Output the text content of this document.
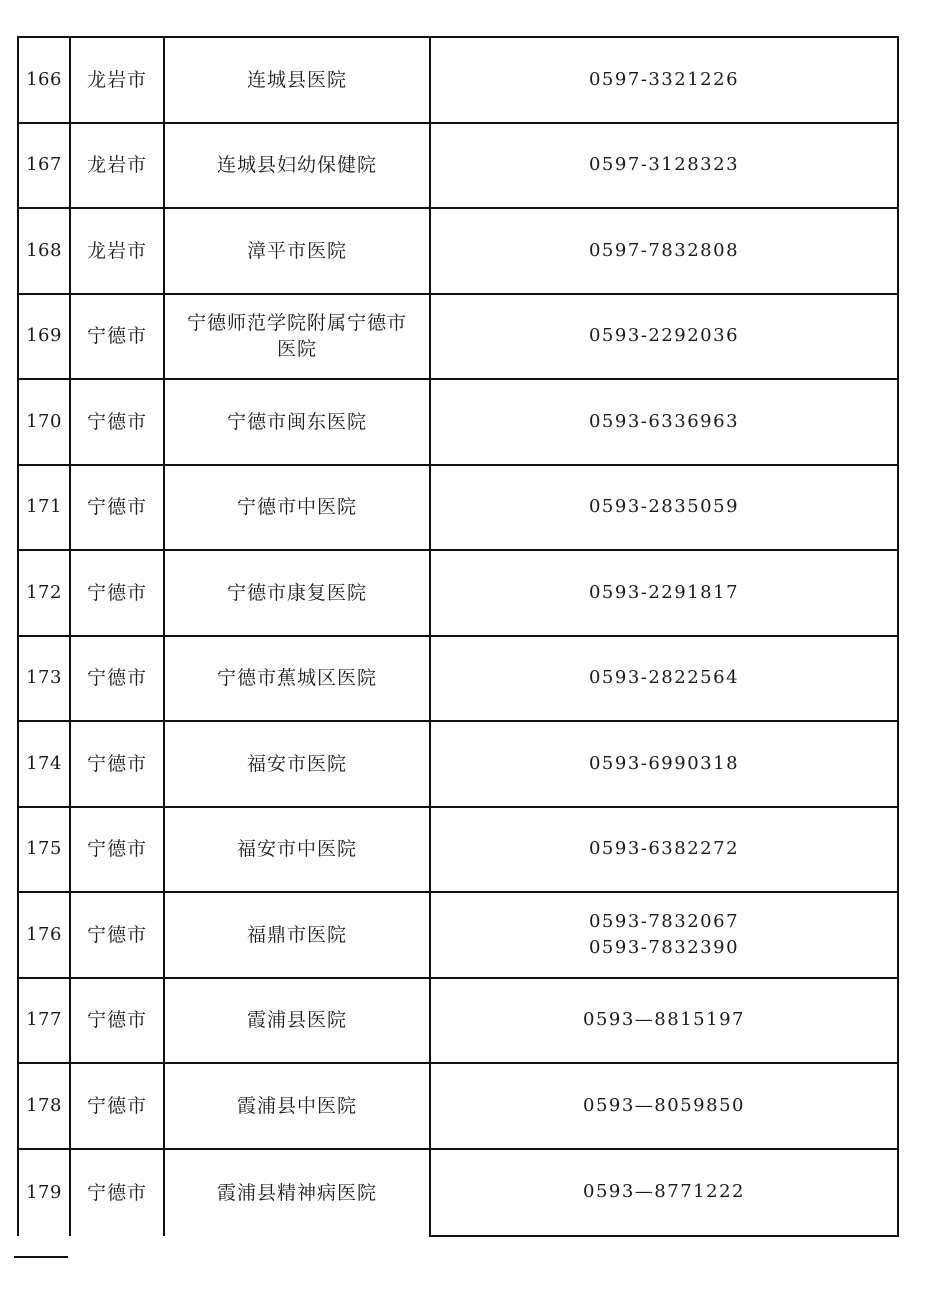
166	龙岩市	连城县医院	0597-3321226

167	龙岩市	连城县妇幼保健院	0597-3128323

168	龙岩市	漳平市医院	0597-7832808

169	宁德市	宁德师范学院附属宁德市
医院	0593-2292036

170	宁德市	宁德市闽东医院	0593-6336963

171	宁德市	宁德市中医院	0593-2835059

172	宁德市	宁德市康复医院	0593-2291817

173	宁德市	宁德市蕉城区医院	0593-2822564

174	宁德市	福安市医院	0593-6990318

175	宁德市	福安市中医院	0593-6382272

176	宁德市	福鼎市医院	0593-7832067
0593-7832390

177	宁德市	霞浦县医院	0593—8815197

178	宁德市	霞浦县中医院	0593—8059850

179	宁德市	霞浦县精神病医院	0593—8771222
